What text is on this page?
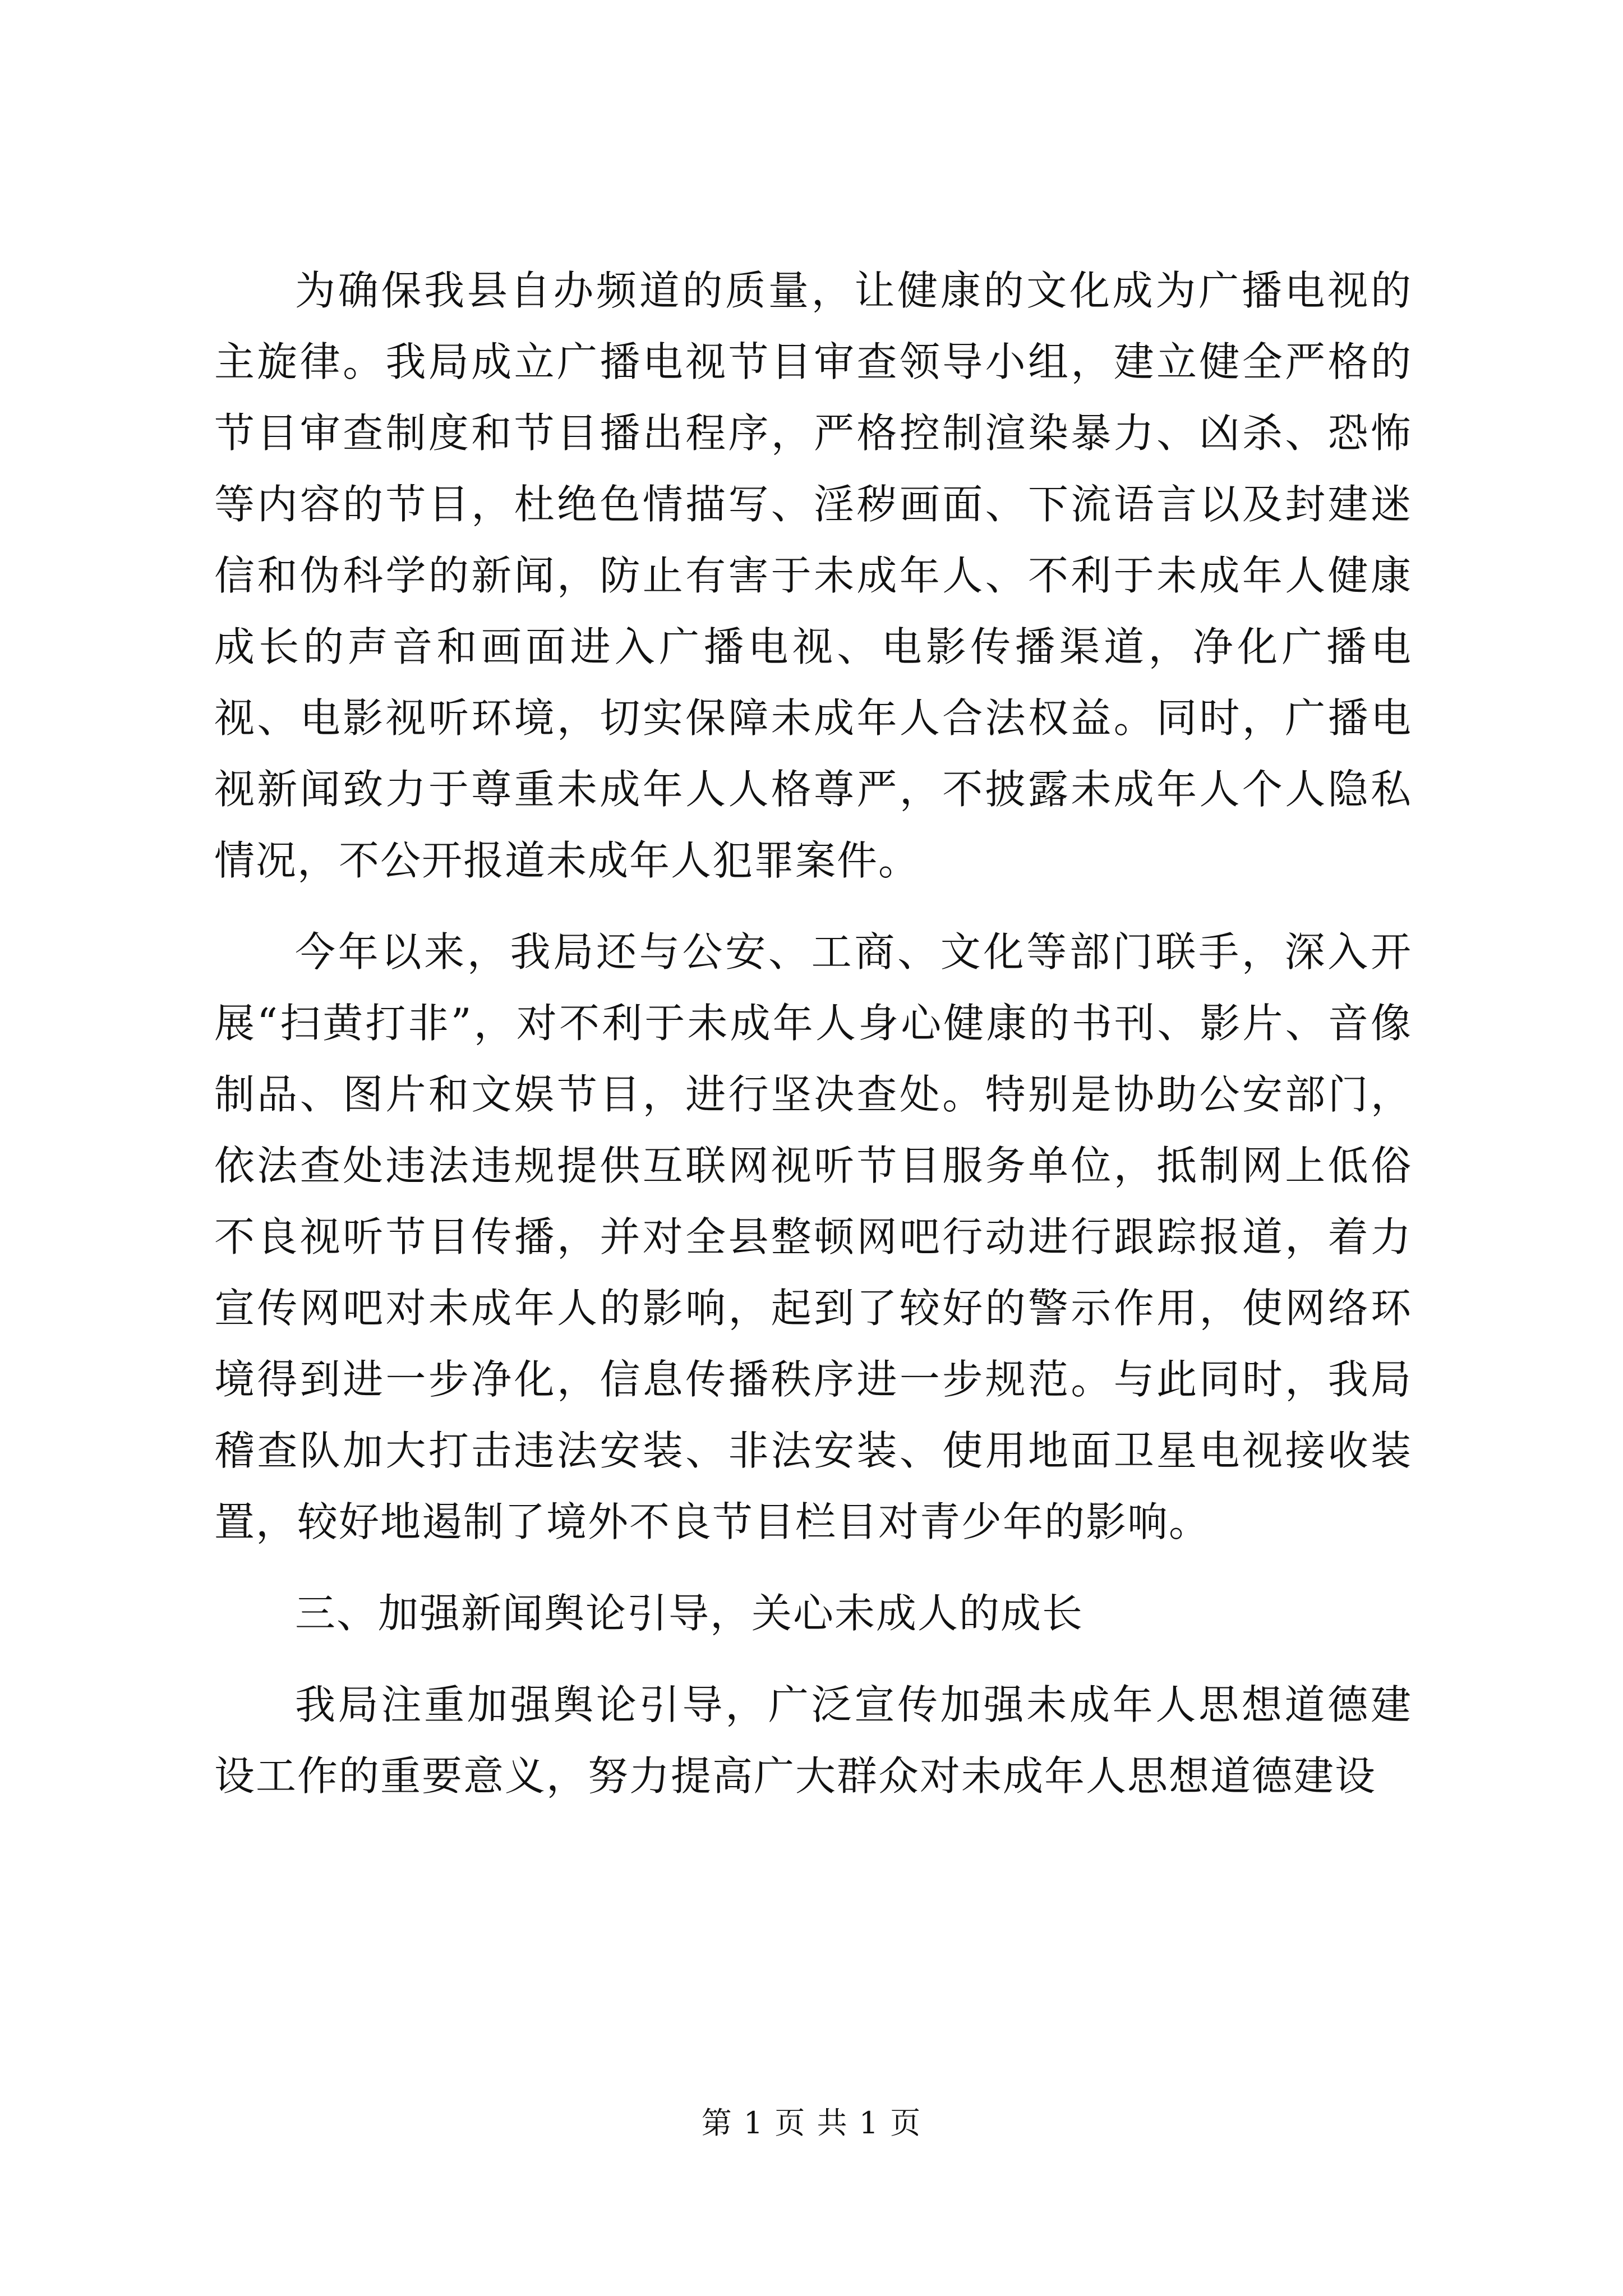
为确保我县自办频道的质量，让健康的文化成为广播电视的主旋律。我局成立广播电视节目审查领导小组，建立健全严格的节目审查制度和节目播出程序，严格控制渲染暴力、凶杀、恐怖等内容的节目，杜绝色情描写、淫秽画面、下流语言以及封建迷信和伪科学的新闻，防止有害于未成年人、不利于未成年人健康成长的声音和画面进入广播电视、电影传播渠道，净化广播电视、电影视听环境，切实保障未成年人合法权益。同时，广播电视新闻致力于尊重未成年人人格尊严，不披露未成年人个人隐私情况，不公开报道未成年人犯罪案件。

今年以来，我局还与公安、工商、文化等部门联手，深入开展“扫黄打非”，对不利于未成年人身心健康的书刊、影片、音像制品、图片和文娱节目，进行坚决查处。特别是协助公安部门，依法查处违法违规提供互联网视听节目服务单位，抵制网上低俗不良视听节目传播，并对全县整顿网吧行动进行跟踪报道，着力宣传网吧对未成年人的影响，起到了较好的警示作用，使网络环境得到进一步净化，信息传播秩序进一步规范。与此同时，我局稽查队加大打击违法安装、非法安装、使用地面卫星电视接收装置，较好地遏制了境外不良节目栏目对青少年的影响。

三、加强新闻舆论引导，关心未成人的成长

我局注重加强舆论引导，广泛宣传加强未成年人思想道德建设工作的重要意义，努力提高广大群众对未成年人思想道德建设

第 1 页 共 1 页
